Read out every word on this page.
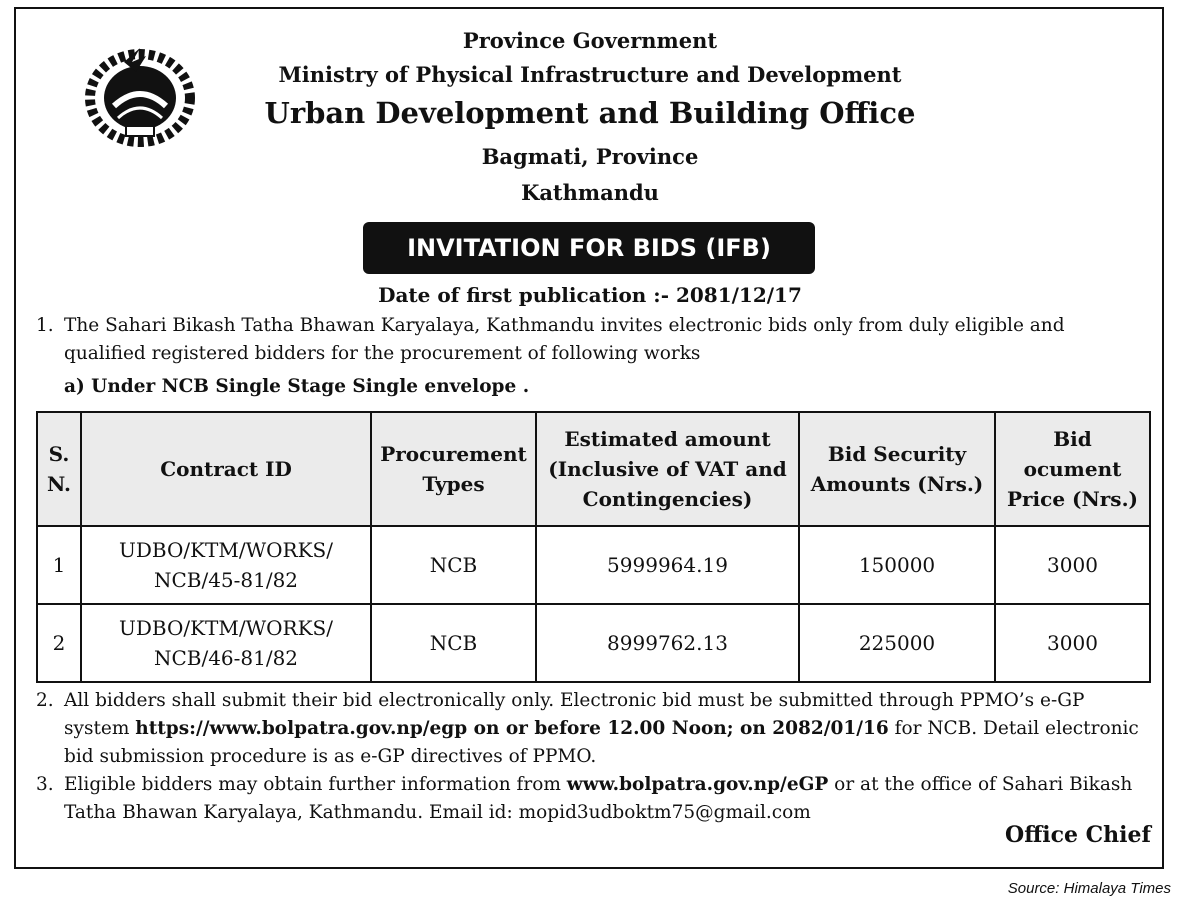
Province Government
Ministry of Physical Infrastructure and Development
Urban Development and Building Office
Bagmati, Province
Kathmandu
INVITATION FOR BIDS (IFB)
Date of first publication :- 2081/12/17
1. The Sahari Bikash Tatha Bhawan Karyalaya, Kathmandu invites electronic bids only from duly eligible and qualified registered bidders for the procurement of following works
a) Under NCB Single Stage Single envelope .
S. N.	Contract ID	Procurement Types	Estimated amount (Inclusive of VAT and Contingencies)	Bid Security Amounts (Nrs.)	Bid ocument Price (Nrs.)
1	UDBO/KTM/WORKS/ NCB/45-81/82	NCB	5999964.19	150000	3000
2	UDBO/KTM/WORKS/ NCB/46-81/82	NCB	8999762.13	225000	3000
2. All bidders shall submit their bid electronically only. Electronic bid must be submitted through PPMO’s e-GP system https://www.bolpatra.gov.np/egp on or before 12.00 Noon; on 2082/01/16 for NCB. Detail electronic bid submission procedure is as e-GP directives of PPMO.
3. Eligible bidders may obtain further information from www.bolpatra.gov.np/eGP or at the office of Sahari Bikash Tatha Bhawan Karyalaya, Kathmandu. Email id: mopid3udboktm75@gmail.com
Office Chief
Source: Himalaya Times
